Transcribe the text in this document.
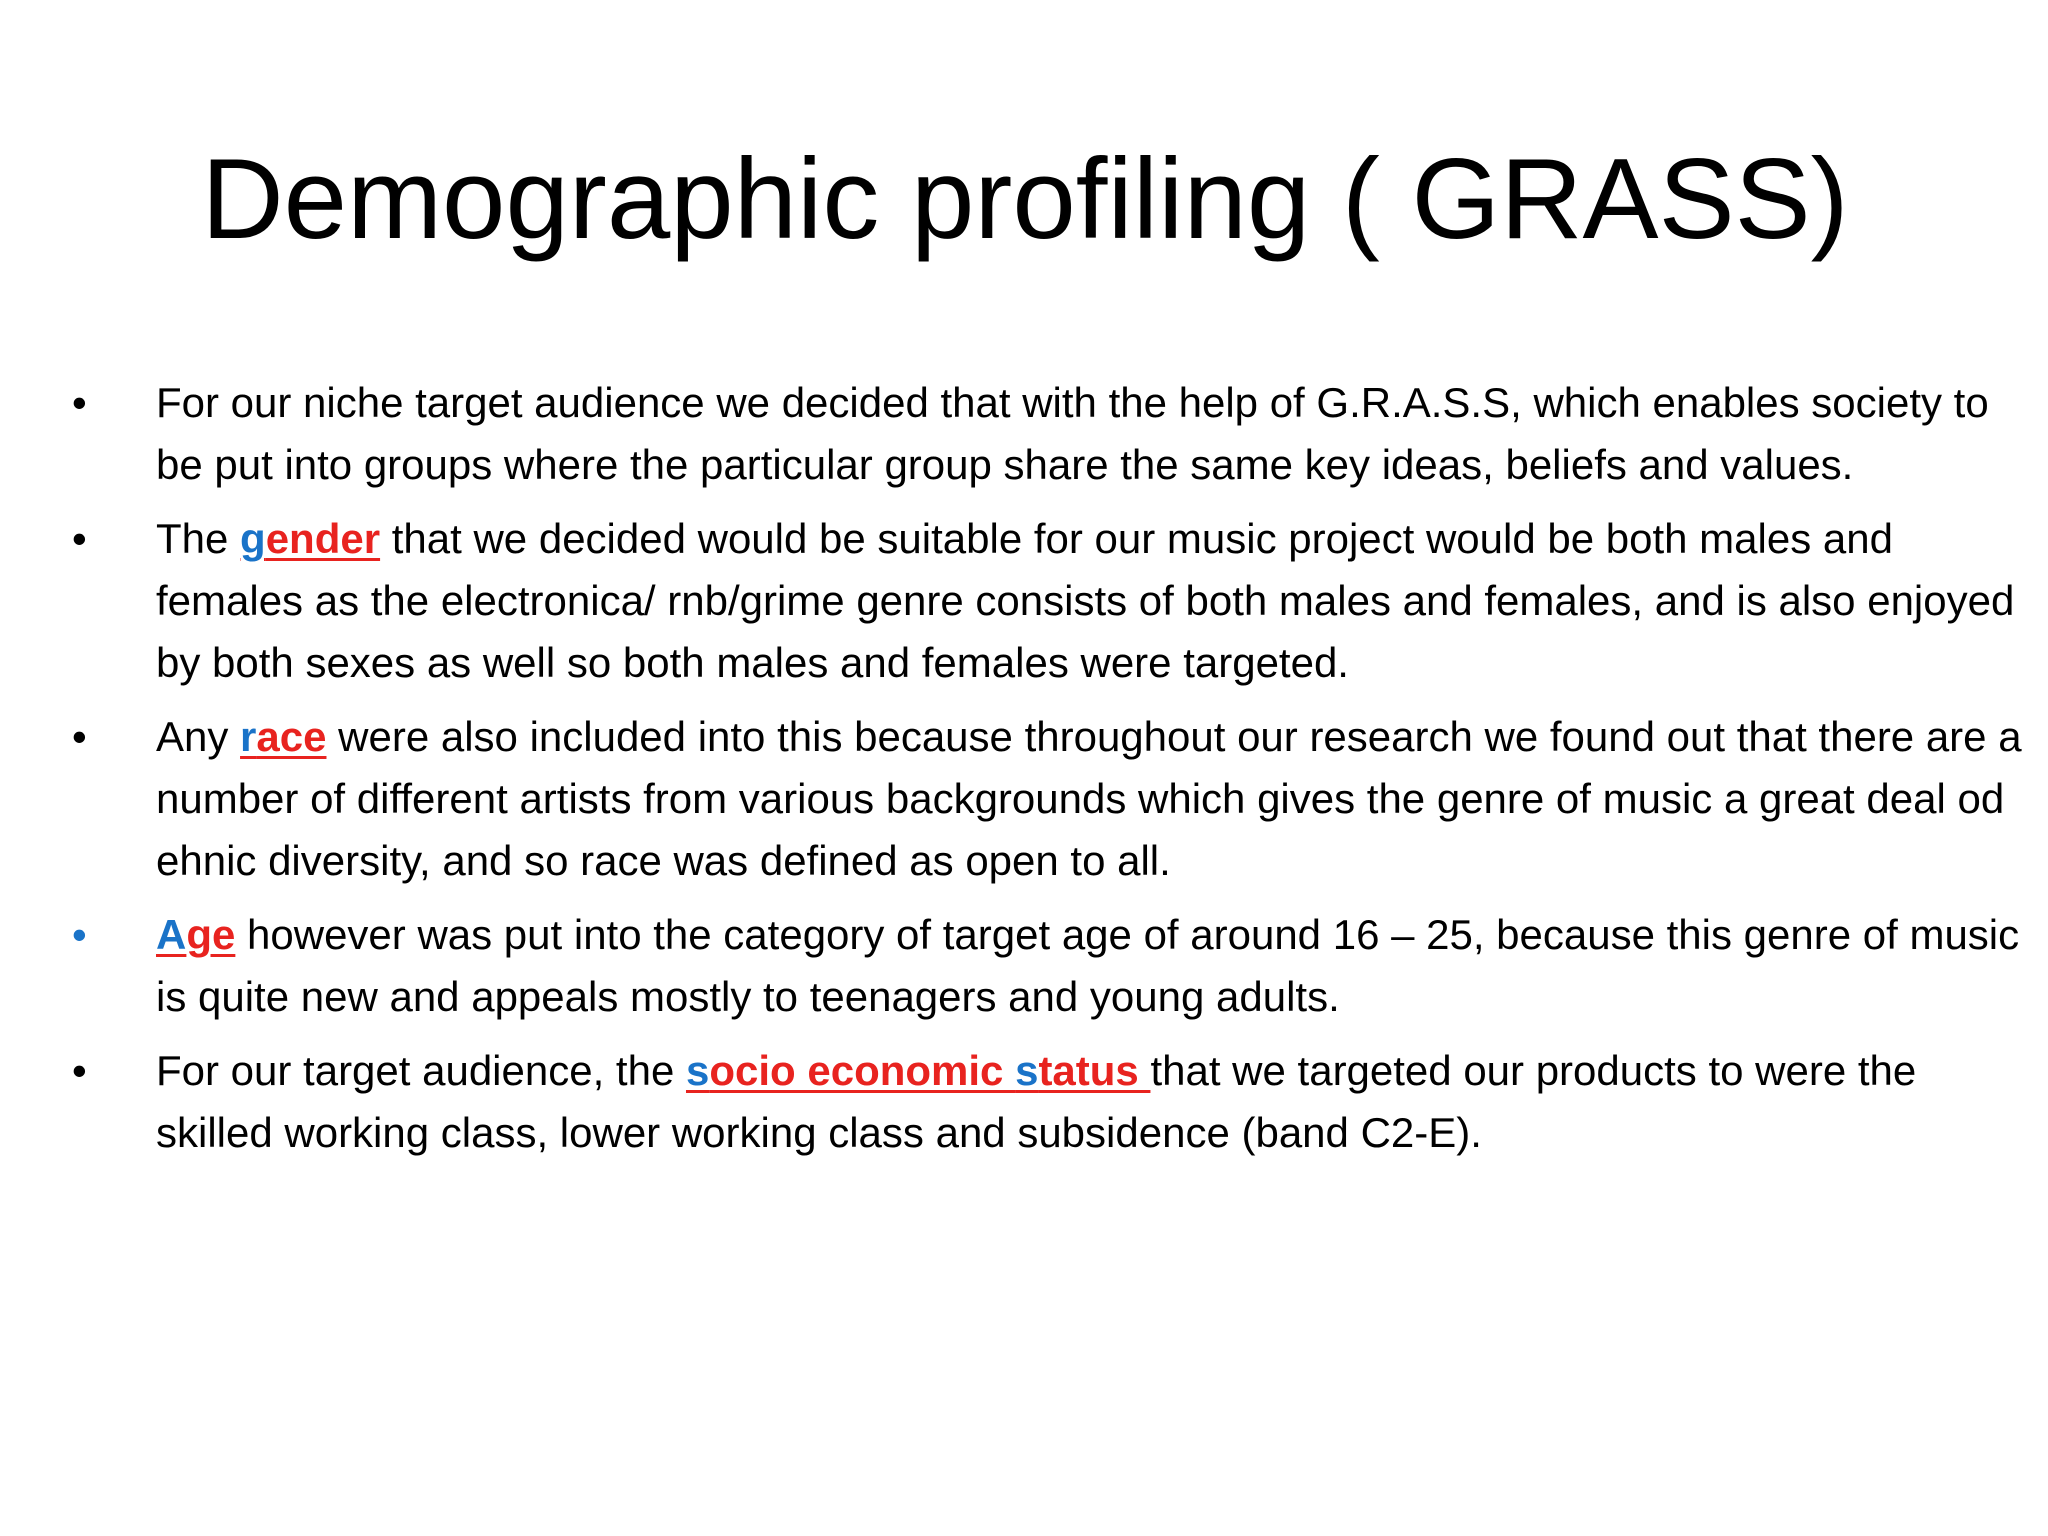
Demographic profiling ( GRASS)
•	For our niche target audience we decided that with the help of G.R.A.S.S, which enables society to be put into groups where the particular group share the same key ideas, beliefs and values.
•	The gender that we decided would be suitable for our music project would be both males and females as the electronica/ rnb/grime genre consists of both males and females, and is also enjoyed by both sexes as well so both males and females were targeted.
•	Any race were also included into this because throughout our research we found out that there are a number of different artists from various backgrounds which gives the genre of music a great deal od ehnic diversity, and so race was defined as open to all.
•	Age however was put into the category of target age of around 16 – 25, because this genre of music is quite new and appeals mostly to teenagers and young adults.
•	For our target audience, the socio economic status that we targeted our products to were the skilled working class, lower working class and subsidence (band C2-E).
